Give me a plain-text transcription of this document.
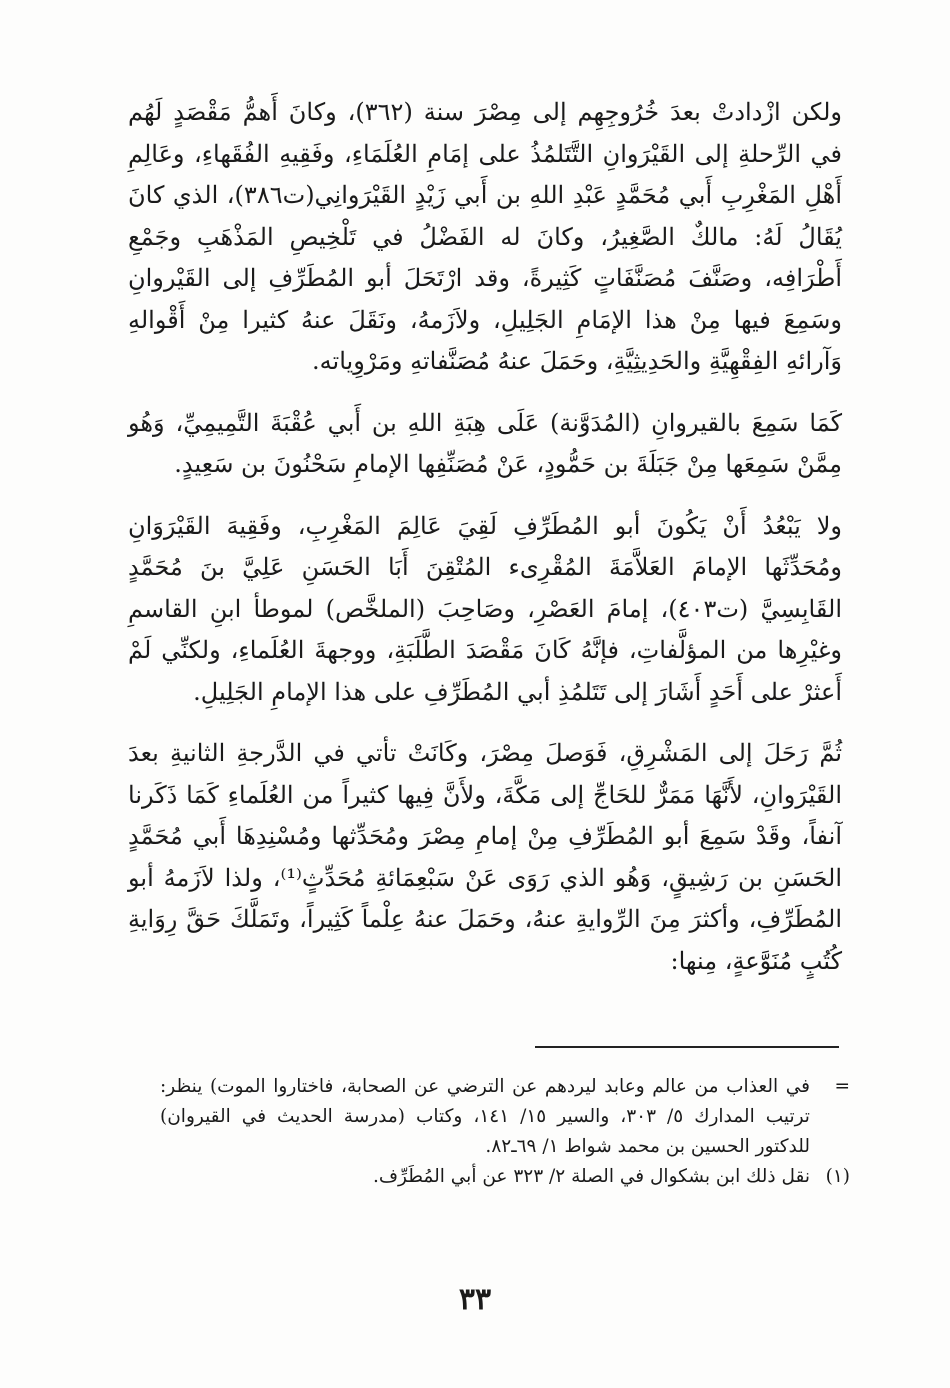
ولكن ازْدادتْ بعدَ خُرُوجِهِم إلى مِصْرَ سنة (٣٦٢)، وكانَ أَهمُّ مَقْصَدٍ لَهُم في الرِّحلةِ إلى القَيْرَوانِ التَّتَلمُذُ على إمَامِ العُلَمَاءِ، وفَقِيهِ الفُقَهاءِ، وعَالِمِ أَهْلِ المَغْرِبِ أَبي مُحَمَّدٍ عَبْدِ اللهِ بن أَبي زَيْدٍ القَيْرَوانِي(ت٣٨٦)، الذي كانَ يُقَالُ لَهُ: مالكٌ الصَّغِيرُ، وكانَ له الفَضْلُ في تَلْخِيصِ المَذْهَبِ وجَمْعِ أَطْرَافِه، وصَنَّفَ مُصَنَّفَاتٍ كَثِيرةً، وقد ارْتَحَلَ أبو المُطَرِّفِ إلى القَيْروانِ وسَمِعَ فيها مِنْ هذا الإمَامِ الجَلِيلِ، ولاَزَمهُ، ونَقَلَ عنهُ كثيرا مِنْ أَقْوالهِ وَآرائهِ الفِقْهِيَّةِ والحَدِيثِيَّةِ، وحَمَلَ عنهُ مُصَنَّفاتهِ ومَرْوِياته.

كَمَا سَمِعَ بالقيروانِ (المُدَوَّنة) عَلَى هِبَةِ اللهِ بن أَبي عُقْبَةَ التَّمِيمِيِّ، وَهُو مِمَّنْ سَمِعَها مِنْ جَبَلَةَ بن حَمُّودٍ، عَنْ مُصَنِّفِها الإمامِ سَحْنُونَ بن سَعِيدٍ.

ولا يَبْعُدُ أَنْ يَكُونَ أبو المُطَرِّفِ لَقِيَ عَالِمَ المَغْرِبِ، وفَقِيهَ القَيْرَوَانِ ومُحَدِّثَها الإمامَ العَلاَّمَةَ المُقْرِىء المُتْقِنَ أَبَا الحَسَنِ عَلِيَّ بنَ مُحَمَّدٍ القَابِسِيَّ (ت٤٠٣)، إمامَ العَصْرِ، وصَاحِبَ (الملخَّص) لموطأ ابنِ القاسمِ وغيْرِها من المؤلَّفاتِ، فإنَّهُ كَانَ مَقْصَدَ الطَّلَبَةِ، ووجهةَ العُلَماءِ، ولكنِّي لَمْ أَعثرْ على أَحَدٍ أَشَارَ إلى تَتَلمُذِ أبي المُطَرِّفِ على هذا الإمامِ الجَلِيلِ.

ثُمَّ رَحَلَ إلى المَشْرِقِ، فَوَصلَ مِصْرَ، وكَانَتْ تأتي في الدَّرجةِ الثانيةِ بعدَ القَيْرَوانِ، لأَنَّهَا مَمَرٌّ للحَاجِّ إلى مَكَّةَ، ولأَنَّ فِيها كثيراً من العُلَماءِ كَمَا ذَكَرنا آنفاً، وقَدْ سَمِعَ أبو المُطَرِّفِ مِنْ إمامِ مِصْرَ ومُحَدِّثها ومُسْنِدِهَا أَبي مُحَمَّدٍ الحَسَنِ بن رَشِيقٍ، وَهُو الذي رَوَى عَنْ سَبْعِمَائةِ مُحَدِّثٍ⁽¹⁾، ولذا لاَزَمهُ أبو المُطَرِّفِ، وأكثرَ مِنَ الرِّوايةِ عنهُ، وحَمَلَ عنهُ عِلْماً كَثِيراً، وتَمَلَّكَ حَقَّ رِوَايةِ كُتُبٍ مُنَوَّعةٍ، مِنها:

=
في العذاب من عالم وعابد ليردهم عن الترضي عن الصحابة، فاختاروا الموت) ينظر: ترتيب المدارك ٥/ ٣٠٣، والسير ١٥/ ١٤١، وكتاب (مدرسة الحديث في القيروان) للدكتور الحسين بن محمد شواط ١/ ٦٩ـ٨٢.
(١)
نقل ذلك ابن بشكوال في الصلة ٢/ ٣٢٣ عن أبي المُطَرِّف.
٣٣
